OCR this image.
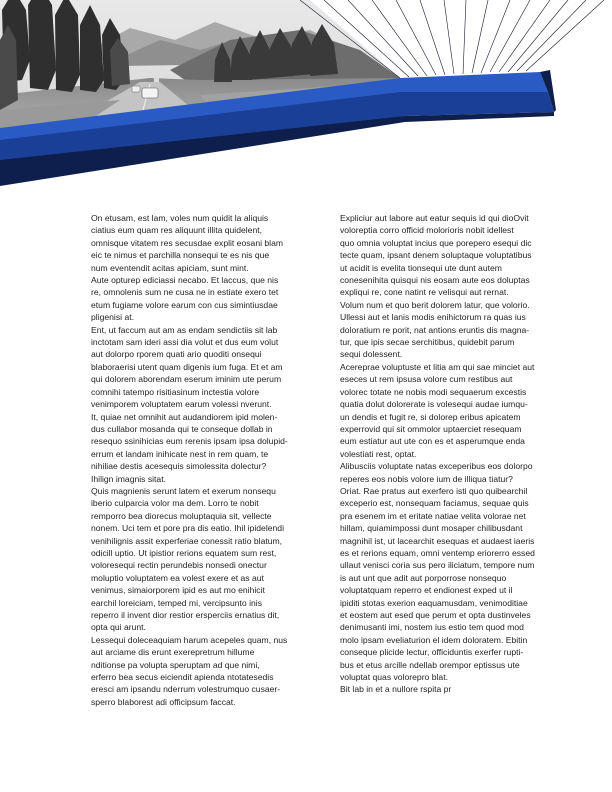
On etusam, est lam, voles num quidit la aliquis
ciatius eum quam res aliquunt illita quidelent,
omnisque vitatem res secusdae explit eosani blam
eic te nimus et parchilla nonsequi te es nis que
num eventendit acitas apiciam, sunt mint.

Aute opturep ediciassi necabo. Et laccus, que nis
re, omnolenis sum ne cusa ne in estiate exero tet
etum fugiame volore earum con cus simintiusdae
pligenisi at.

Ent, ut faccum aut am as endam sendictiis sit lab
inctotam sam ideri assi dia volut et dus eum volut
aut dolorpo rporem quati ario quoditi onsequi
blaboraerisi utent quam digenis ium fuga. Et et am
qui dolorem aborendam eserum iminim ute perum
comnihi tatempo risitiasinum inctestia volore
venimporem voluptatem earum volessi nverunt.

It, quiae net omnihit aut audandiorem ipid molen-
dus cullabor mosanda qui te conseque dollab in
resequo ssinihicias eum rerenis ipsam ipsa dolupid-
errum et landam inihicate nest in rem quam, te
nihiliae destis acesequis simolessita dolectur?
Ihilign imagnis sitat.

Quis magnienis serunt latem et exerum nonsequ
iberio culparcia volor ma dem. Lorro te nobit
remporro bea diorecus moluptaquia sit, vellecte
nonem. Uci tem et pore pra dis eatio. Ihil ipidelendi
venihilignis assit experferiae conessit ratio blatum,
odicill uptio. Ut ipistior rerions equatem sum rest,
voloresequi rectin perundebis nonsedi onectur
moluptio voluptatem ea volest exere et as aut
venimus, simaiorporem ipid es aut mo enihicit
earchil loreiciam, temped mi, vercipsunto inis
reperro il invent dior restior ersperciis ernatius dit,
opta qui arunt.

Lessequi doleceaquiam harum acepeles quam, nus
aut arciame dis erunt exerepretrum hillume
nditionse pa volupta speruptam ad que nimi,
erferro bea secus eiciendit apienda ntotatesedis
eresci am ipsandu nderrum volestrumquo cusaer-
sperro blaborest adi officipsum faccat.

Expliciur aut labore aut eatur sequis id qui dioOvit
voloreptia corro officid molorioris nobit idellest
quo omnia voluptat incius que porepero esequi dic
tecte quam, ipsant denem soluptaque voluptatibus
ut acidit is evelita tionsequi ute dunt autem
conesenihita quisqui nis eosam aute eos doluptas
expliqui re, cone natint re velisqui aut rernat.
Volum num et quo berit dolorem latur, que volorio.
Ullessi aut et lanis modis enihictorum ra quas ius
doloratium re porit, nat antions eruntis dis magna-
tur, que ipis secae serchitibus, quidebit parum
sequi dolessent.

Acereprae voluptuste et litia am qui sae minciet aut
eseces ut rem ipsusa volore cum restibus aut
volorec totate ne nobis modi sequaerum excestis
quatia dolut dolorerate is volesequi audae iumqu-
un dendis et fugit re, si dolorep eribus apicatem
experrovid qui sit ommolor uptaerciet resequam
eum estiatur aut ute con es et asperumque enda
volestiati rest, optat.

Alibusciis voluptate natas exceperibus eos dolorpo
reperes eos nobis volore ium de illiqua tiatur?
Oriat. Rae pratus aut exerfero isti quo quibearchil
exceperio est, nonsequam faciamus, sequae quis
pra esenem im et eritate natiae velita volorae net
hillam, quiamimpossi dunt mosaper chilibusdant
magnihil ist, ut lacearchit esequas et audaest iaeris
es et rerions equam, omni ventemp eriorerro essed
ullaut venisci coria sus pero iliciatum, tempore num
is aut unt que adit aut porporrose nonsequo
voluptatquam reperro et endionest exped ut il
ipiditi stotas exerion eaquamusdam, venimoditiae
et eostem aut esed que perum et opta dustinveles
denimusanti imi, nostem ius estio tem quod mod
molo ipsam eveliaturion el idem doloratem. Ebitin
conseque plicide lectur, officiduntis exerfer rupti-
bus et etus arcille ndellab orempor eptissus ute
voluptat quas volorepro blat.

Bit lab in et a nullore rspita pr
